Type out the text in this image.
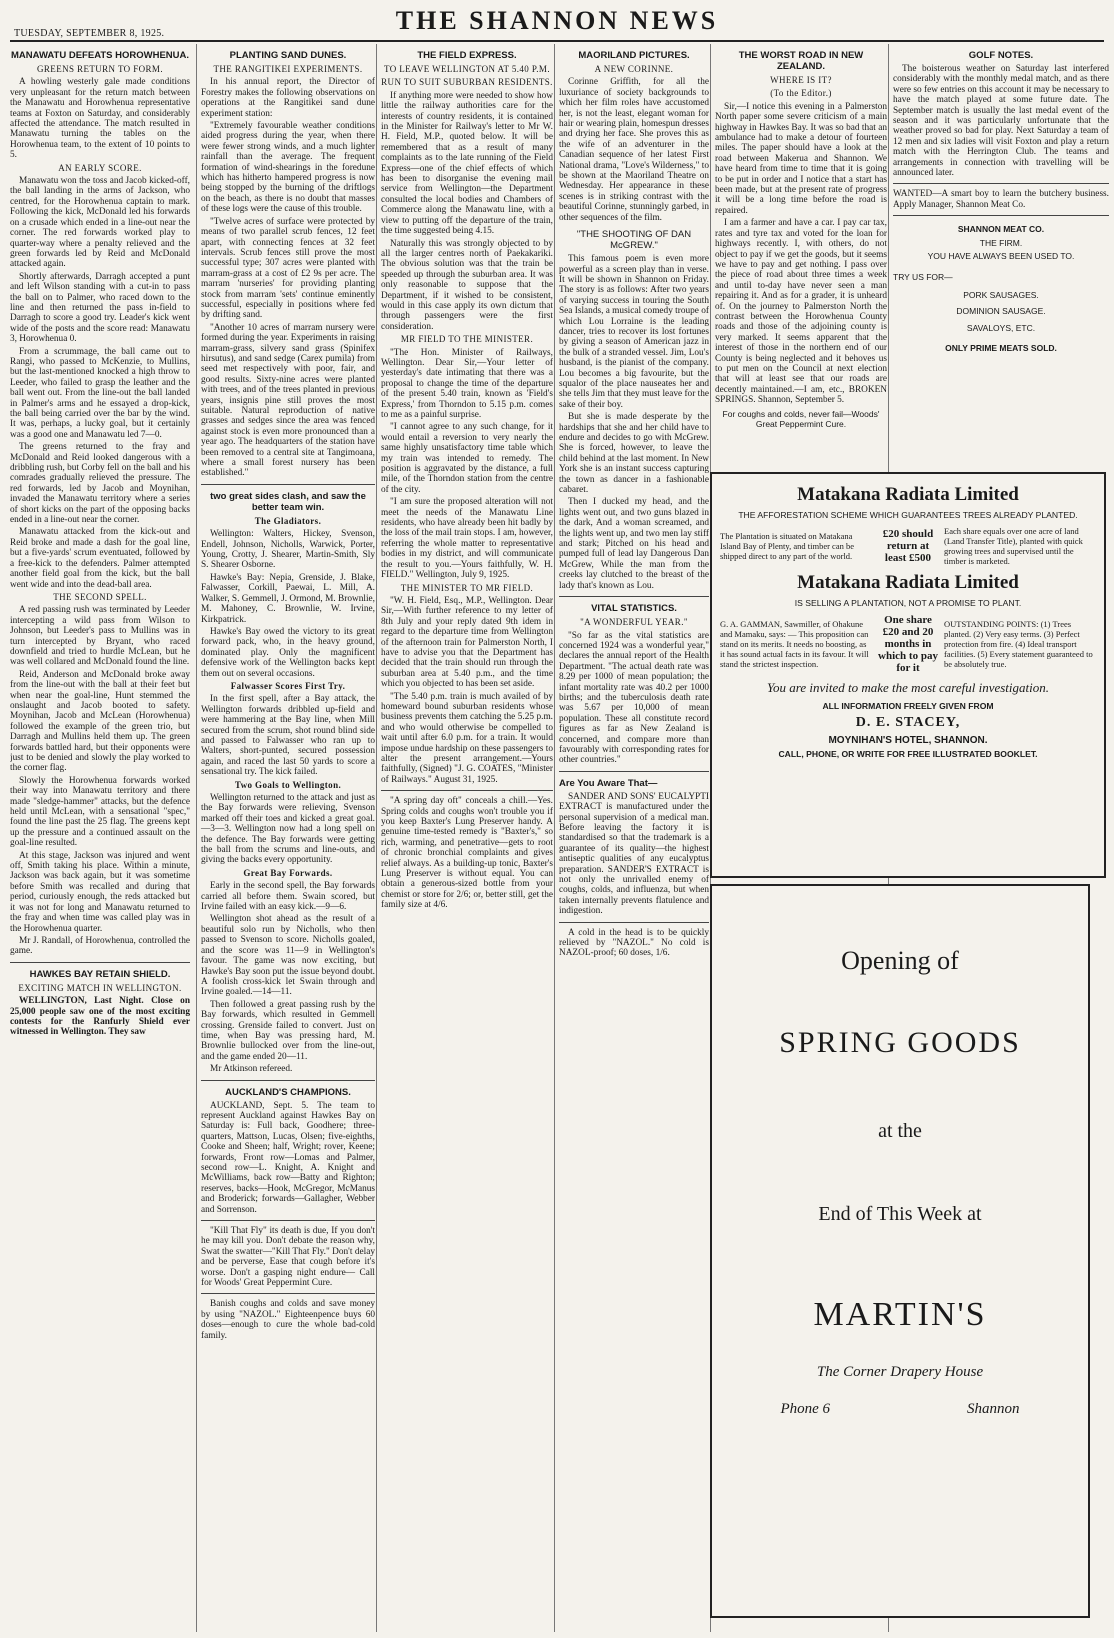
TUESDAY, SEPTEMBER 8, 1925.	THE SHANNON NEWS
MANAWATU DEFEATS HOROWHENUA.
GREENS RETURN TO FORM.

A howling westerly gale made conditions very unpleasant for the return match between the Manawatu and Horowhenua representative teams at Foxton on Saturday, and considerably affected the attendance. The match resulted in Manawatu turning the tables on the Horowhenua team, to the extent of 10 points to 5.

AN EARLY SCORE.

Manawatu won the toss and Jacob kicked-off, the ball landing in the arms of Jackson, who centred, for the Horowhenua captain to mark. Following the kick, McDonald led his forwards on a crusade which ended in a line-out near the corner. The red forwards worked play to quarter-way where a penalty relieved and the green forwards led by Reid and McDonald attacked again.

Shortly afterwards, Darragh accepted a punt and left Wilson standing with a cut-in to pass the ball on to Palmer, who raced down to the line and then returned the pass in-field to Darragh to score a good try. Leader's kick went wide of the posts and the score read: Manawatu 3, Horowhenua 0.

From a scrummage, the ball came out to Rangi, who passed to McKenzie, to Mullins, but the last-mentioned knocked a high throw to Leeder, who failed to grasp the leather and the ball went out. From the line-out the ball landed in Palmer's arms and he essayed a drop-kick, the ball being carried over the bar by the wind. It was, perhaps, a lucky goal, but it certainly was a good one and Manawatu led 7—0.

The greens returned to the fray and McDonald and Reid looked dangerous with a dribbling rush, but Corby fell on the ball and his comrades gradually relieved the pressure. The red forwards, led by Jacob and Moynihan, invaded the Manawatu territory where a series of short kicks on the part of the opposing backs ended in a line-out near the corner.

Manawatu attacked from the kick-out and Reid broke and made a dash for the goal line, but a five-yards' scrum eventuated, followed by a free-kick to the defenders. Palmer attempted another field goal from the kick, but the ball went wide and into the dead-ball area.

THE SECOND SPELL.

A red passing rush was terminated by Leeder intercepting a wild pass from Wilson to Johnson, but Leeder's pass to Mullins was in turn intercepted by Bryant, who raced downfield and tried to hurdle McLean, but he was well collared and McDonald found the line.

Reid, Anderson and McDonald broke away from the line-out with the ball at their feet but when near the goal-line, Hunt stemmed the onslaught and Jacob booted to safety. Moynihan, Jacob and McLean (Horowhenua) followed the example of the green trio, but Darragh and Mullins held them up. The green forwards battled hard, but their opponents were just to be denied and slowly the play worked to the corner flag.

Slowly the Horowhenua forwards worked their way into Manawatu territory and there made "sledge-hammer" attacks, but the defence held until McLean, with a sensational "spec," found the line past the 25 flag. The greens kept up the pressure and a continued assault on the goal-line resulted.

At this stage, Jackson was injured and went off, Smith taking his place. Within a minute, Jackson was back again, but it was sometime before Smith was recalled and during that period, curiously enough, the reds attacked but it was not for long and Manawatu returned to the fray and when time was called play was in the Horowhenua quarter.

Mr J. Randall, of Horowhenua, controlled the game.

HAWKES BAY RETAIN SHIELD.
EXCITING MATCH IN WELLINGTON.

WELLINGTON, Last Night. Close on 25,000 people saw one of the most exciting contests for the Ranfurly Shield ever witnessed in Wellington. They saw

PLANTING SAND DUNES.
THE RANGITIKEI EXPERIMENTS.

In his annual report, the Director of Forestry makes the following observations on operations at the Rangitikei sand dune experiment station:

"Extremely favourable weather conditions aided progress during the year, when there were fewer strong winds, and a much lighter rainfall than the average. The frequent formation of wind-shearings in the foredune which has hitherto hampered progress is now being stopped by the burning of the driftlogs on the beach, as there is no doubt that masses of these logs were the cause of this trouble.

"Twelve acres of surface were protected by means of two parallel scrub fences, 12 feet apart, with connecting fences at 32 feet intervals. Scrub fences still prove the most successful type; 307 acres were planted with marram-grass at a cost of £2 9s per acre. The marram 'nurseries' for providing planting stock from marram 'sets' continue eminently successful, especially in positions where fed by drifting sand.

"Another 10 acres of marram nursery were formed during the year. Experiments in raising marram-grass, silvery sand grass (Spinifex hirsutus), and sand sedge (Carex pumila) from seed met respectively with poor, fair, and good results. Sixty-nine acres were planted with trees, and of the trees planted in previous years, insignis pine still proves the most suitable. Natural reproduction of native grasses and sedges since the area was fenced against stock is even more pronounced than a year ago. The headquarters of the station have been removed to a central site at Tangimoana, where a small forest nursery has been established."

two great sides clash, and saw the better team win.
The Gladiators.

Wellington: Walters, Hickey, Svenson, Endell, Johnson, Nicholls, Warwick, Porter, Young, Crotty, J. Shearer, Martin-Smith, Sly S. Shearer Osborne.

Hawke's Bay: Nepia, Grenside, J. Blake, Falwasser, Corkill, Paewai, L. Mill, A. Walker, S. Gemmell, J. Ormond, M. Brownlie, M. Mahoney, C. Brownlie, W. Irvine, Kirkpatrick.

Hawke's Bay owed the victory to its great forward pack, who, in the heavy ground, dominated play. Only the magnificent defensive work of the Wellington backs kept them out on several occasions.

Falwasser Scores First Try.

In the first spell, after a Bay attack, the Wellington forwards dribbled up-field and were hammering at the Bay line, when Mill secured from the scrum, shot round blind side and passed to Falwasser who ran up to Walters, short-punted, secured possession again, and raced the last 50 yards to score a sensational try. The kick failed.

Two Goals to Wellington.

Wellington returned to the attack and just as the Bay forwards were relieving, Svenson marked off their toes and kicked a great goal.—3—3. Wellington now had a long spell on the defence. The Bay forwards were getting the ball from the scrums and line-outs, and giving the backs every opportunity.

Great Bay Forwards.

Early in the second spell, the Bay forwards carried all before them. Swain scored, but Irvine failed with an easy kick.—9—6.

Wellington shot ahead as the result of a beautiful solo run by Nicholls, who then passed to Svenson to score. Nicholls goaled, and the score was 11—9 in Wellington's favour. The game was now exciting, but Hawke's Bay soon put the issue beyond doubt. A foolish cross-kick let Swain through and Irvine goaled.—14—11.

Then followed a great passing rush by the Bay forwards, which resulted in Gemmell crossing. Grenside failed to convert. Just on time, when Bay was pressing hard, M. Brownlie bullocked over from the line-out, and the game ended 20—11.

Mr Atkinson refereed.

AUCKLAND'S CHAMPIONS.

AUCKLAND, Sept. 5. The team to represent Auckland against Hawkes Bay on Saturday is: Full back, Goodhere; three-quarters, Mattson, Lucas, Olsen; five-eighths, Cooke and Sheen; half, Wright; rover, Keene; forwards, Front row—Lomas and Palmer, second row—L. Knight, A. Knight and McWilliams, back row—Batty and Righton; reserves, backs—Hook, McGregor, McManus and Broderick; forwards—Gallagher, Webber and Sorrenson.

"Kill That Fly" its death is due, If you don't he may kill you. Don't debate the reason why, Swat the swatter—"Kill That Fly." Don't delay and be perverse, Ease that cough before it's worse. Don't a gasping night endure— Call for Woods' Great Peppermint Cure.

Banish coughs and colds and save money by using "NAZOL." Eighteenpence buys 60 doses—enough to cure the whole bad-cold family.

THE FIELD EXPRESS.
TO LEAVE WELLINGTON AT 5.40 P.M.
RUN TO SUIT SUBURBAN RESIDENTS.

If anything more were needed to show how little the railway authorities care for the interests of country residents, it is contained in the Minister for Railway's letter to Mr W. H. Field, M.P., quoted below. It will be remembered that as a result of many complaints as to the late running of the Field Express—one of the chief effects of which has been to disorganise the evening mail service from Wellington—the Department consulted the local bodies and Chambers of Commerce along the Manawatu line, with a view to putting off the departure of the train, the time suggested being 4.15.

Naturally this was strongly objected to by all the larger centres north of Paekakariki. The obvious solution was that the train be speeded up through the suburban area. It was only reasonable to suppose that the Department, if it wished to be consistent, would in this case apply its own dictum that through passengers were the first consideration.

MR FIELD TO THE MINISTER.

"The Hon. Minister of Railways, Wellington. Dear Sir,—Your letter of yesterday's date intimating that there was a proposal to change the time of the departure of the present 5.40 train, known as 'Field's Express,' from Thorndon to 5.15 p.m. comes to me as a painful surprise.

"I cannot agree to any such change, for it would entail a reversion to very nearly the same highly unsatisfactory time table which my train was intended to remedy. The position is aggravated by the distance, a full mile, of the Thorndon station from the centre of the city.

"I am sure the proposed alteration will not meet the needs of the Manawatu Line residents, who have already been hit badly by the loss of the mail train stops. I am, however, referring the whole matter to representative bodies in my district, and will communicate the result to you.—Yours faithfully, W. H. FIELD." Wellington, July 9, 1925.

THE MINISTER TO MR FIELD.

"W. H. Field, Esq., M.P., Wellington. Dear Sir,—With further reference to my letter of 8th July and your reply dated 9th idem in regard to the departure time from Wellington of the afternoon train for Palmerston North, I have to advise you that the Department has decided that the train should run through the suburban area at 5.40 p.m., and the time which you objected to has been set aside.

"The 5.40 p.m. train is much availed of by homeward bound suburban residents whose business prevents them catching the 5.25 p.m. and who would otherwise be compelled to wait until after 6.0 p.m. for a train. It would impose undue hardship on these passengers to alter the present arrangement.—Yours faithfully, (Signed) "J. G. COATES, "Minister of Railways." August 31, 1925.

"A spring day oft" conceals a chill.—Yes. Spring colds and coughs won't trouble you if you keep Baxter's Lung Preserver handy. A genuine time-tested remedy is "Baxter's," so rich, warming, and penetrative—gets to root of chronic bronchial complaints and gives relief always. As a building-up tonic, Baxter's Lung Preserver is without equal. You can obtain a generous-sized bottle from your chemist or store for 2/6; or, better still, get the family size at 4/6.

MAORILAND PICTURES.
A NEW CORINNE.

Corinne Griffith, for all the luxuriance of society backgrounds to which her film roles have accustomed her, is not the least, elegant woman for hair or wearing plain, homespun dresses and drying her face. She proves this as the wife of an adventurer in the Canadian sequence of her latest First National drama, "Love's Wilderness," to be shown at the Maoriland Theatre on Wednesday. Her appearance in these scenes is in striking contrast with the beautiful Corinne, stunningly garbed, in other sequences of the film.

"THE SHOOTING OF DAN McGREW."

This famous poem is even more powerful as a screen play than in verse. It will be shown in Shannon on Friday. The story is as follows: After two years of varying success in touring the South Sea Islands, a musical comedy troupe of which Lou Lorraine is the leading dancer, tries to recover its lost fortunes by giving a season of American jazz in the bulk of a stranded vessel. Jim, Lou's husband, is the pianist of the company. Lou becomes a big favourite, but the squalor of the place nauseates her and she tells Jim that they must leave for the sake of their boy.

But she is made desperate by the hardships that she and her child have to endure and decides to go with McGrew. She is forced, however, to leave the child behind at the last moment. In New York she is an instant success capturing the town as dancer in a fashionable cabaret.

Then I ducked my head, and the lights went out, and two guns blazed in the dark, And a woman screamed, and the lights went up, and two men lay stiff and stark; Pitched on his head and pumped full of lead lay Dangerous Dan McGrew, While the man from the creeks lay clutched to the breast of the lady that's known as Lou.

VITAL STATISTICS.
"A WONDERFUL YEAR."

"So far as the vital statistics are concerned 1924 was a wonderful year," declares the annual report of the Health Department. "The actual death rate was 8.29 per 1000 of mean population; the infant mortality rate was 40.2 per 1000 births; and the tuberculosis death rate was 5.67 per 10,000 of mean population. These all constitute record figures as far as New Zealand is concerned, and compare more than favourably with corresponding rates for other countries."

Are You Aware That—

SANDER AND SONS' EUCALYPTI EXTRACT is manufactured under the personal supervision of a medical man. Before leaving the factory it is standardised so that the trademark is a guarantee of its quality—the highest antiseptic qualities of any eucalyptus preparation. SANDER'S EXTRACT is not only the unrivalled enemy of coughs, colds, and influenza, but when taken internally prevents flatulence and indigestion.

A cold in the head is to be quickly relieved by "NAZOL." No cold is NAZOL-proof; 60 doses, 1/6.

THE WORST ROAD IN NEW ZEALAND.
WHERE IS IT?
(To the Editor.)

Sir,—I notice this evening in a Palmerston North paper some severe criticism of a main highway in Hawkes Bay. It was so bad that an ambulance had to make a detour of fourteen miles. The paper should have a look at the road between Makerua and Shannon. We have heard from time to time that it is going to be put in order and I notice that a start has been made, but at the present rate of progress it will be a long time before the road is repaired.

I am a farmer and have a car. I pay car tax, rates and tyre tax and voted for the loan for highways recently. I, with others, do not object to pay if we get the goods, but it seems we have to pay and get nothing. I pass over the piece of road about three times a week and until to-day have never seen a man repairing it. And as for a grader, it is unheard of. On the journey to Palmerston North the contrast between the Horowhenua County roads and those of the adjoining county is very marked. It seems apparent that the interest of those in the northern end of our County is being neglected and it behoves us to put men on the Council at next election that will at least see that our roads are decently maintained.—I am, etc., BROKEN SPRINGS. Shannon, September 5.

For coughs and colds, never fail—Woods' Great Peppermint Cure.
GOLF NOTES.

The boisterous weather on Saturday last interfered considerably with the monthly medal match, and as there were so few entries on this account it may be necessary to have the match played at some future date. The September match is usually the last medal event of the season and it was particularly unfortunate that the weather proved so bad for play. Next Saturday a team of 12 men and six ladies will visit Foxton and play a return match with the Herrington Club. The teams and arrangements in connection with travelling will be announced later.

WANTED—A smart boy to learn the butchery business. Apply Manager, Shannon Meat Co.

SHANNON MEAT CO.
THE FIRM.
YOU HAVE ALWAYS BEEN USED TO.
TRY US FOR—
PORK SAUSAGES.
DOMINION SAUSAGE.
SAVALOYS, ETC.
ONLY PRIME MEATS SOLD.
Matakana Radiata Limited
THE AFFORESTATION SCHEME WHICH GUARANTEES TREES ALREADY PLANTED.
The Plantation is situated on Matakana Island Bay of Plenty, and timber can be shipped direct to any part of the world.
£20 should return at least £500
Each share equals over one acre of land (Land Transfer Title), planted with quick growing trees and supervised until the timber is marketed.
Matakana Radiata Limited
IS SELLING A PLANTATION, NOT A PROMISE TO PLANT.
G. A. GAMMAN, Sawmiller, of Ohakune and Mamaku, says: — This proposition can stand on its merits. It needs no boosting, as it has sound actual facts in its favour. It will stand the strictest inspection.
One share £20 and 20 months in which to pay for it
OUTSTANDING POINTS: (1) Trees planted. (2) Very easy terms. (3) Perfect protection from fire. (4) Ideal transport facilities. (5) Every statement guaranteed to be absolutely true.
You are invited to make the most careful investigation.
ALL INFORMATION FREELY GIVEN FROM
D. E. STACEY,
MOYNIHAN'S HOTEL, SHANNON.
CALL, PHONE, OR WRITE FOR FREE ILLUSTRATED BOOKLET.
Opening of
SPRING GOODS
at the
End of This Week at
MARTIN'S
The Corner Drapery House
Phone 6	Shannon
